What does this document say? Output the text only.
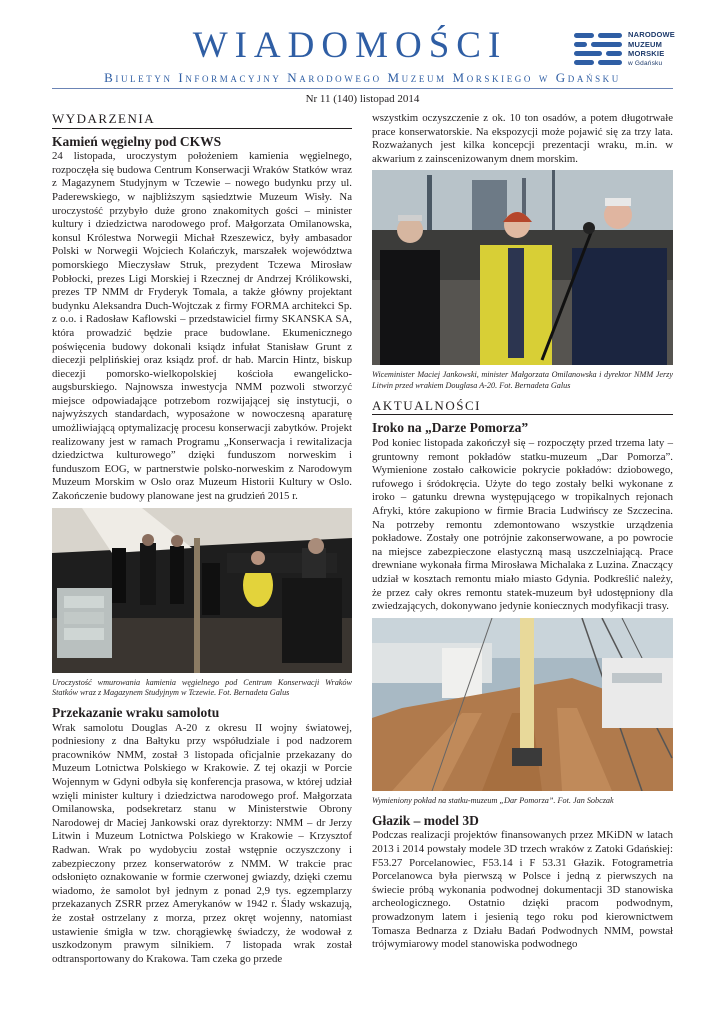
WIADOMOŚCI	NARODOWE
MUZEUM
MORSKIE
w Gdańsku
Biuletyn Informacyjny Narodowego Muzeum Morskiego w Gdańsku
Nr 11 (140) listopad 2014
WYDARZENIA
Kamień węgielny pod CKWS

24 listopada, uroczystym położeniem kamienia węgielnego, rozpoczęła się budowa Centrum Konserwacji Wraków Statków wraz z Magazynem Studyjnym w Tczewie – nowego budynku przy ul. Paderewskiego, w najbliższym sąsiedztwie Muzeum Wisły. Na uroczystość przybyło duże grono znakomitych gości – minister kultury i dziedzictwa narodowego prof. Małgorzata Omilanowska, konsul Królestwa Norwegii Michał Rzeszewicz, były ambasador Polski w Norwegii Wojciech Kolańczyk, marszałek województwa pomorskiego Mieczysław Struk, prezydent Tczewa Mirosław Pobłocki, prezes Ligi Morskiej i Rzecznej dr Andrzej Królikowski, prezes TP NMM dr Fryderyk Tomala, a także główny projektant budynku Aleksandra Duch-Wojtczak z firmy FORMA architekci Sp. z o.o. i Radosław Kaflowski – przedstawiciel firmy SKANSKA SA, która prowadzić będzie prace budowlane. Ekumenicznego poświęcenia budowy dokonali ksiądz infułat Stanisław Grunt z diecezji pelplińskiej oraz ksiądz prof. dr hab. Marcin Hintz, biskup diecezji pomorsko-wielkopolskiej kościoła ewangelicko-augsburskiego. Najnowsza inwestycja NMM pozwoli stworzyć miejsce odpowiadające potrzebom rozwijającej się instytucji, o najwyższych standardach, wyposażone w nowoczesną aparaturę umożliwiającą optymalizację procesu konserwacji zabytków. Projekt realizowany jest w ramach Programu „Konserwacja i rewitalizacja dziedzictwa kulturowego” dzięki funduszom norweskim i funduszom EOG, w partnerstwie polsko-norweskim z Narodowym Muzeum Morskim w Oslo oraz Muzeum Historii Kultury w Oslo. Zakończenie budowy planowane jest na grudzień 2015 r.

Uroczystość wmurowania kamienia węgielnego pod Centrum Konserwacji Wraków Statków wraz z Magazynem Studyjnym w Tczewie. Fot. Bernadeta Galus
Przekazanie wraku samolotu

Wrak samolotu Douglas A-20 z okresu II wojny światowej, podniesiony z dna Bałtyku przy współudziale i pod nadzorem pracowników NMM, został 3 listopada oficjalnie przekazany do Muzeum Lotnictwa Polskiego w Krakowie. Z tej okazji w Porcie Wojennym w Gdyni odbyła się konferencja prasowa, w której udział wzięli minister kultury i dziedzictwa narodowego prof. Małgorzata Omilanowska, podsekretarz stanu w Ministerstwie Obrony Narodowej dr Maciej Jankowski oraz dyrektorzy: NMM – dr Jerzy Litwin i Muzeum Lotnictwa Polskiego w Krakowie – Krzysztof Radwan. Wrak po wydobyciu został wstępnie oczyszczony i zabezpieczony przez konserwatorów z NMM. W trakcie prac odsłonięto oznakowanie w formie czerwonej gwiazdy, dzięki czemu wiadomo, że samolot był jednym z ponad 2,9 tys. egzemplarzy przekazanych ZSRR przez Amerykanów w 1942 r. Ślady wskazują, że został ostrzelany z morza, przez okręt wojenny, natomiast ustawienie śmigła w tzw. chorągiewkę świadczy, że wodował z uszkodzonym prawym silnikiem. 7 listopada wrak został odtransportowany do Krakowa. Tam czeka go przede

wszystkim oczyszczenie z ok. 10 ton osadów, a potem długotrwałe prace konserwatorskie. Na ekspozycji może pojawić się za trzy lata. Rozważanych jest kilka koncepcji prezentacji wraku, m.in. w akwarium z zainscenizowanym dnem morskim.

Wiceminister Maciej Jankowski, minister Małgorzata Omilanowska i dyrektor NMM Jerzy Litwin przed wrakiem Douglasa A-20. Fot. Bernadeta Galus
AKTUALNOŚCI
Iroko na „Darze Pomorza”

Pod koniec listopada zakończył się – rozpoczęty przed trzema laty – gruntowny remont pokładów statku-muzeum „Dar Pomorza”. Wymienione zostało całkowicie pokrycie pokładów: dziobowego, rufowego i śródokręcia. Użyte do tego zostały belki wykonane z iroko – gatunku drewna występującego w tropikalnych rejonach Afryki, które zakupiono w firmie Bracia Ludwińscy ze Szczecina. Na potrzeby remontu zdemontowano wszystkie urządzenia pokładowe. Zostały one potrójnie zakonserwowane, a po powrocie na miejsce zabezpieczone elastyczną masą uszczelniającą. Prace drewniane wykonała firma Mirosława Michalaka z Luzina. Znaczący udział w kosztach remontu miało miasto Gdynia. Podkreślić należy, że przez cały okres remontu statek-muzeum był udostępniony dla zwiedzających, dokonywano jedynie koniecznych modyfikacji trasy.

Wymieniony pokład na statku-muzeum „Dar Pomorza”. Fot. Jan Sobczak
Głazik – model 3D

Podczas realizacji projektów finansowanych przez MKiDN w latach 2013 i 2014 powstały modele 3D trzech wraków z Zatoki Gdańskiej: F53.27 Porcelanowiec, F53.14 i F 53.31 Głazik. Fotogrametria Porcelanowca była pierwszą w Polsce i jedną z pierwszych na świecie próbą wykonania podwodnej dokumentacji 3D stanowiska archeologicznego. Ostatnio dzięki pracom podwodnym, prowadzonym latem i jesienią tego roku pod kierownictwem Tomasza Bednarza z Działu Badań Podwodnych NMM, powstał trójwymiarowy model stanowiska podwodnego
